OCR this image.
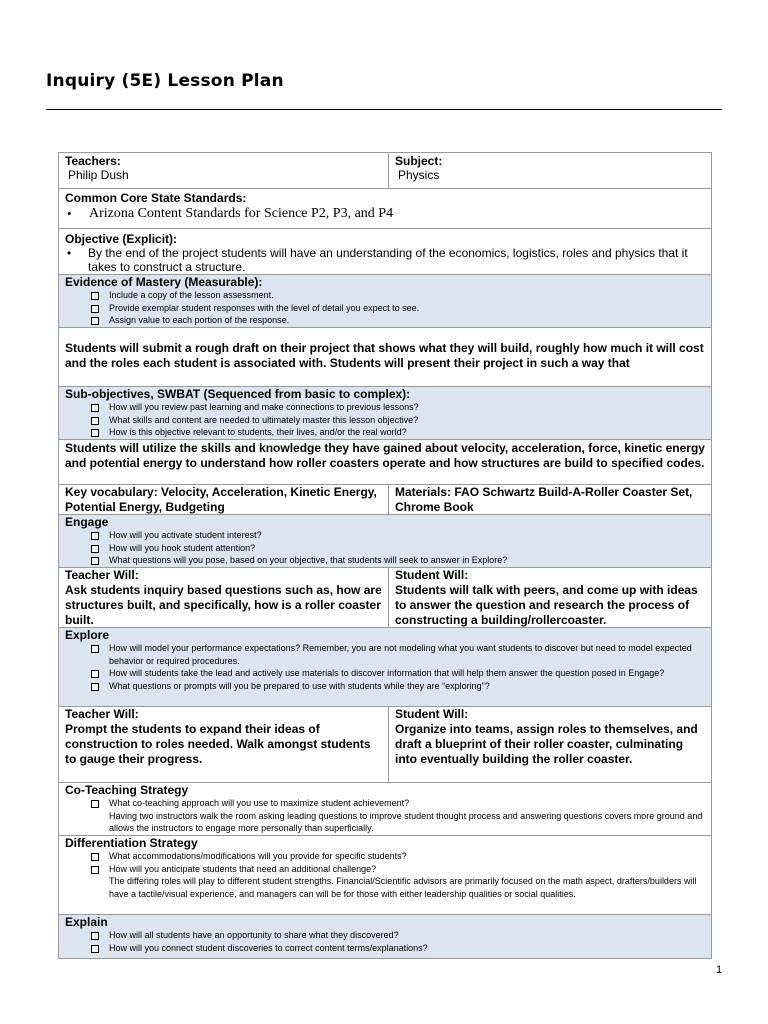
Inquiry (5E) Lesson Plan
Teachers:
Philip Dush
Subject:
Physics
Common Core State Standards:
• Arizona Content Standards for Science P2, P3, and P4
Objective (Explicit):
• By the end of the project students will have an understanding of the economics, logistics, roles and physics that it takes to construct a structure.
Evidence of Mastery (Measurable):
Include a copy of the lesson assessment.
Provide exemplar student responses with the level of detail you expect to see.
Assign value to each portion of the response.
Students will submit a rough draft on their project that shows what they will build, roughly how much it will cost and the roles each student is associated with. Students will present their project in such a way that
Sub-objectives, SWBAT (Sequenced from basic to complex):
How will you review past learning and make connections to previous lessons?
What skills and content are needed to ultimately master this lesson objective?
How is this objective relevant to students, their lives, and/or the real world?
Students will utilize the skills and knowledge they have gained about velocity, acceleration, force, kinetic energy and potential energy to understand how roller coasters operate and how structures are build to specified codes.
Key vocabulary: Velocity, Acceleration, Kinetic Energy, Potential Energy, Budgeting
Materials: FAO Schwartz Build-A-Roller Coaster Set, Chrome Book
Engage
How will you activate student interest?
How will you hook student attention?
What questions will you pose, based on your objective, that students will seek to answer in Explore?
Teacher Will:
Ask students inquiry based questions such as, how are structures built, and specifically, how is a roller coaster built.
Student Will:
Students will talk with peers, and come up with ideas to answer the question and research the process of constructing a building/rollercoaster.
Explore
How will model your performance expectations? Remember, you are not modeling what you want students to discover but need to model expected behavior or required procedures.
How will students take the lead and actively use materials to discover information that will help them answer the question posed in Engage?
What questions or prompts will you be prepared to use with students while they are “exploring”?
Teacher Will:
Prompt the students to expand their ideas of construction to roles needed. Walk amongst students to gauge their progress.
Student Will:
Organize into teams, assign roles to themselves, and draft a blueprint of their roller coaster, culminating into eventually building the roller coaster.
Co-Teaching Strategy
What co-teaching approach will you use to maximize student achievement?
Having two instructors walk the room asking leading questions to improve student thought process and answering questions covers more ground and allows the instructors to engage more personally than superficially.
Differentiation Strategy
What accommodations/modifications will you provide for specific students?
How will you anticipate students that need an additional challenge?
The differing roles will play to different student strengths. Financial/Scientific advisors are primarily focused on the math aspect, drafters/builders will have a tactile/visual experience, and managers can will be for those with either leadership qualities or social qualities.
Explain
How will all students have an opportunity to share what they discovered?
How will you connect student discoveries to correct content terms/explanations?
1
